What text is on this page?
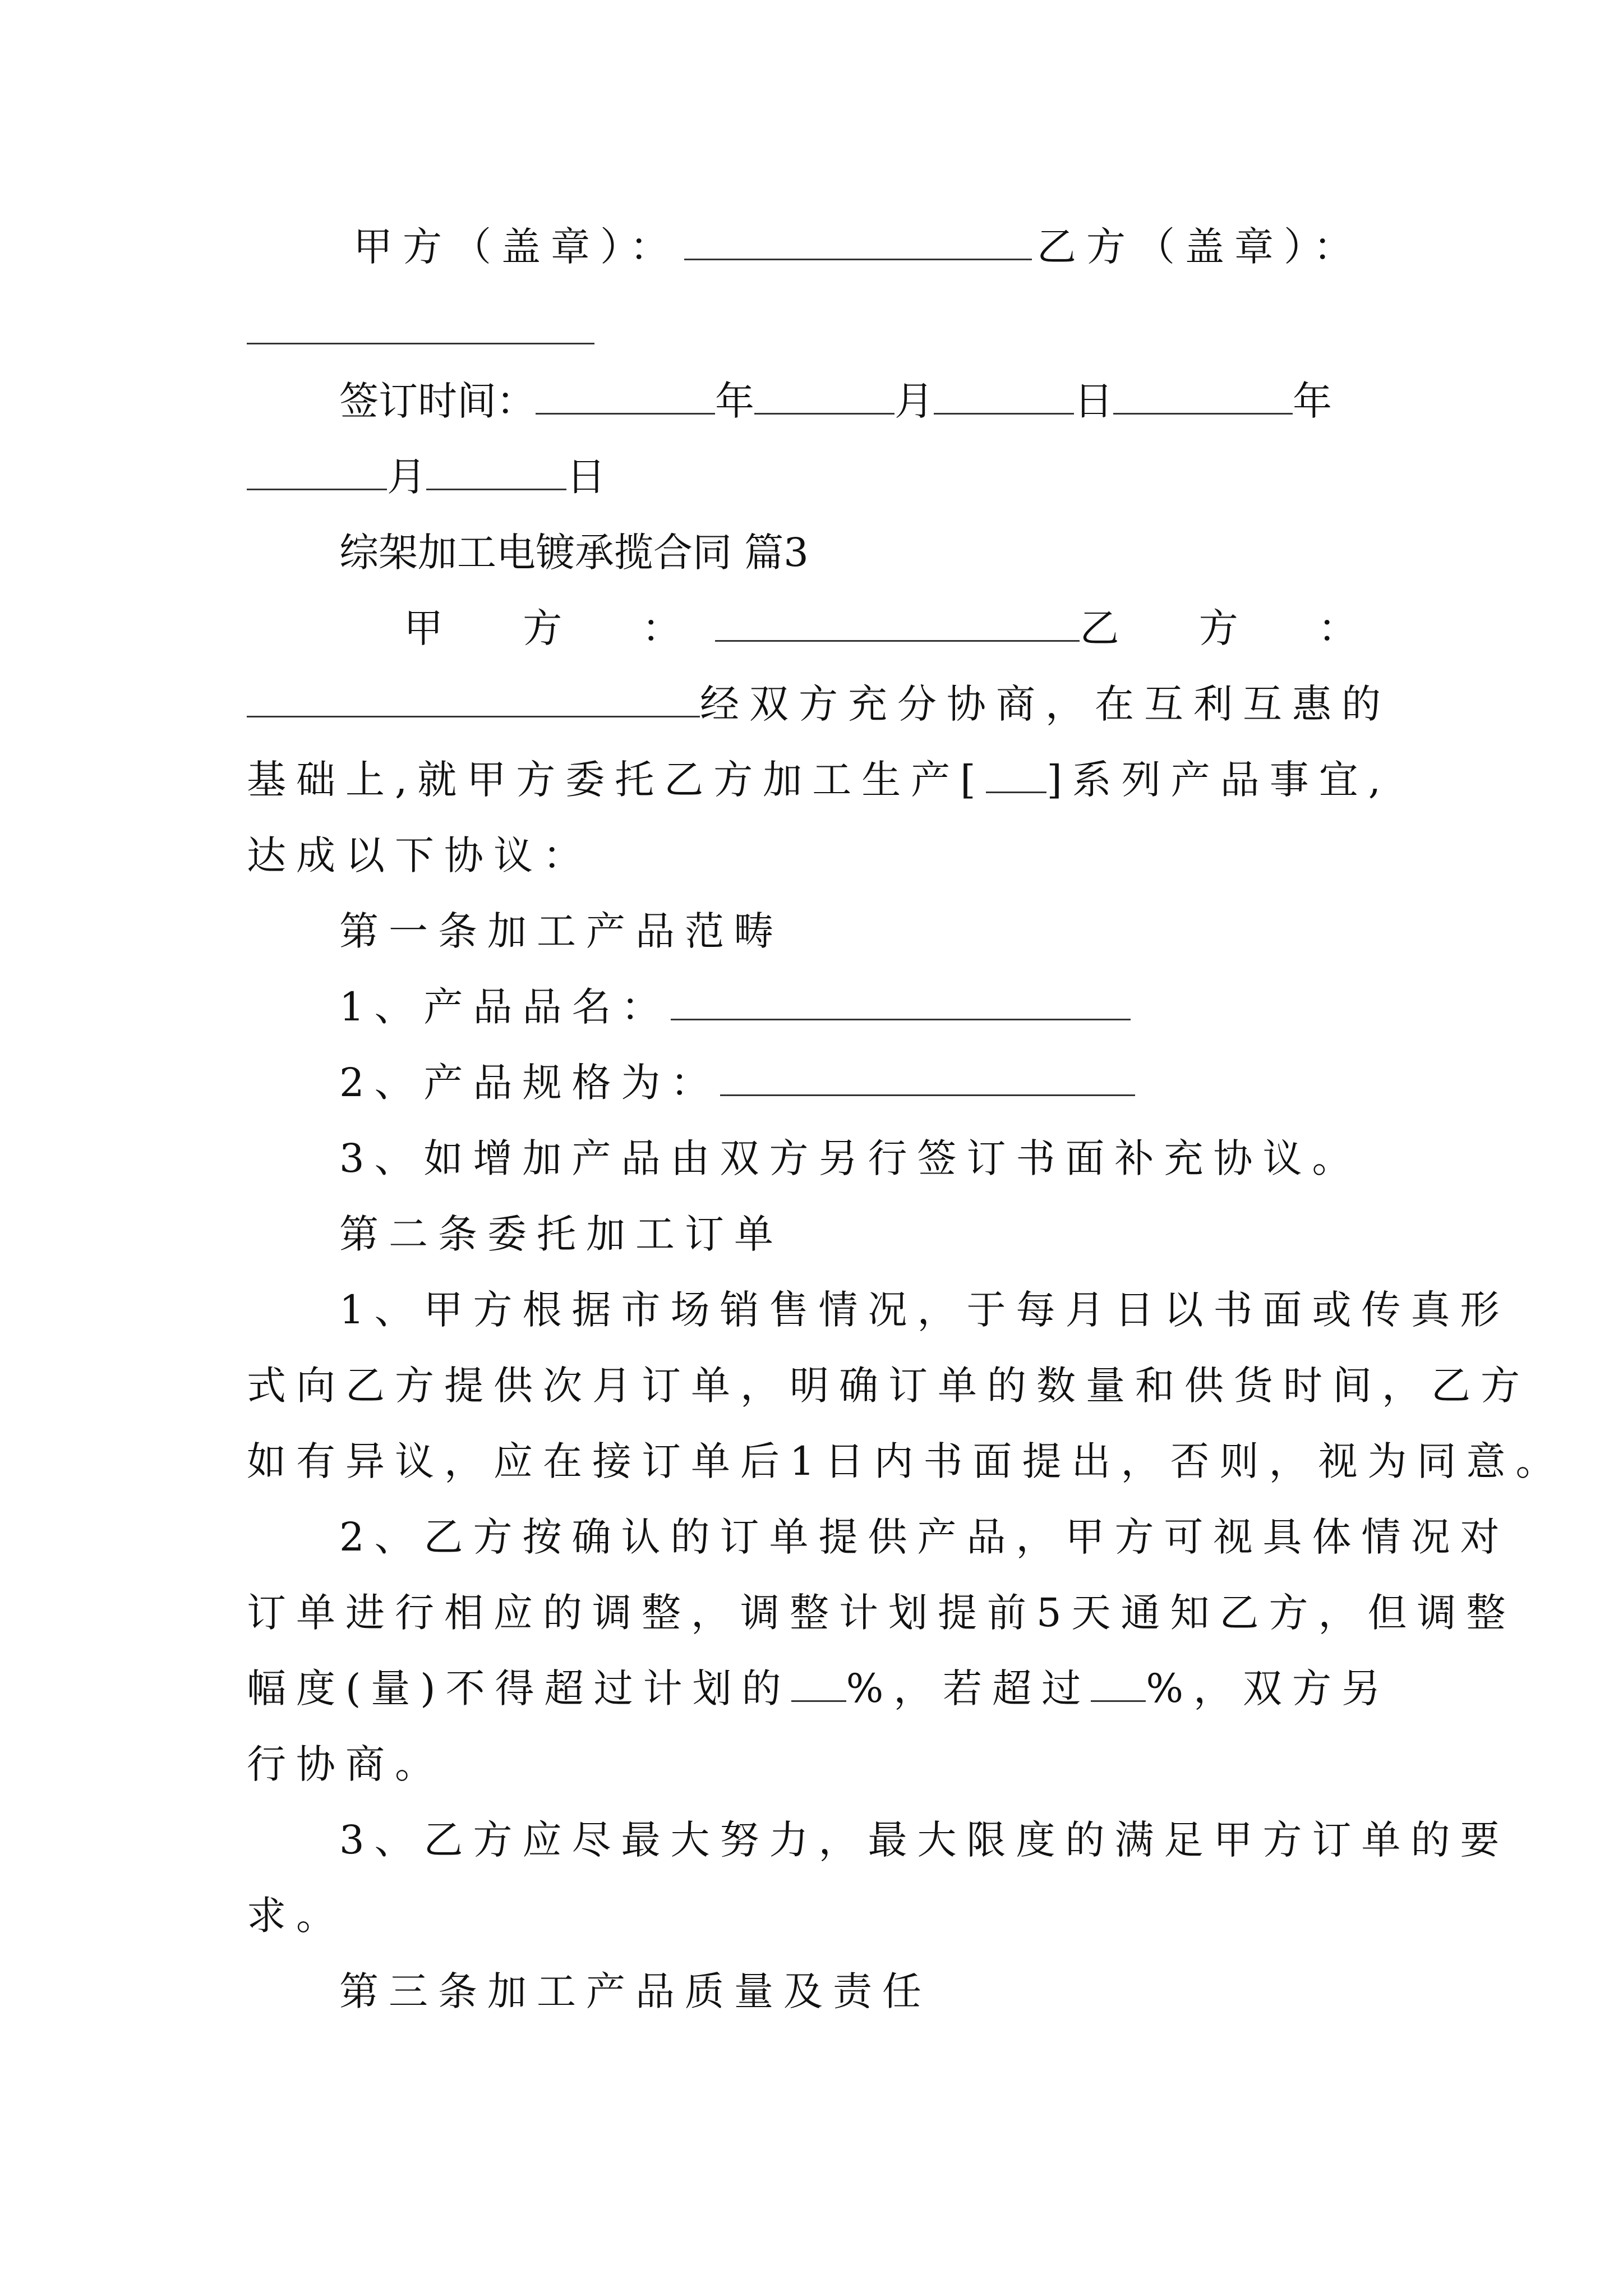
甲方（盖章）：	乙方（盖章）：
签订时间：	年	月	日	年
月	日
综架加工电镀承揽合同 篇3
甲 方 ：	乙 方 ：
经双方充分协商，在互利互惠的
基础上,就甲方委托乙方加工生产[ ]系列产品事宜,
达成以下协议：
第一条加工产品范畴
1、产品品名：
2、产品规格为：
3、如增加产品由双方另行签订书面补充协议。
第二条委托加工订单
1、甲方根据市场销售情况，于每月日以书面或传真形
式向乙方提供次月订单，明确订单的数量和供货时间，乙方
如有异议，应在接订单后1日内书面提出，否则，视为同意。
2、乙方按确认的订单提供产品，甲方可视具体情况对
订单进行相应的调整，调整计划提前5天通知乙方，但调整
幅度(量)不得超过计划的 %，若超过 %，双方另
行协商。
3、乙方应尽最大努力，最大限度的满足甲方订单的要
求。
第三条加工产品质量及责任
